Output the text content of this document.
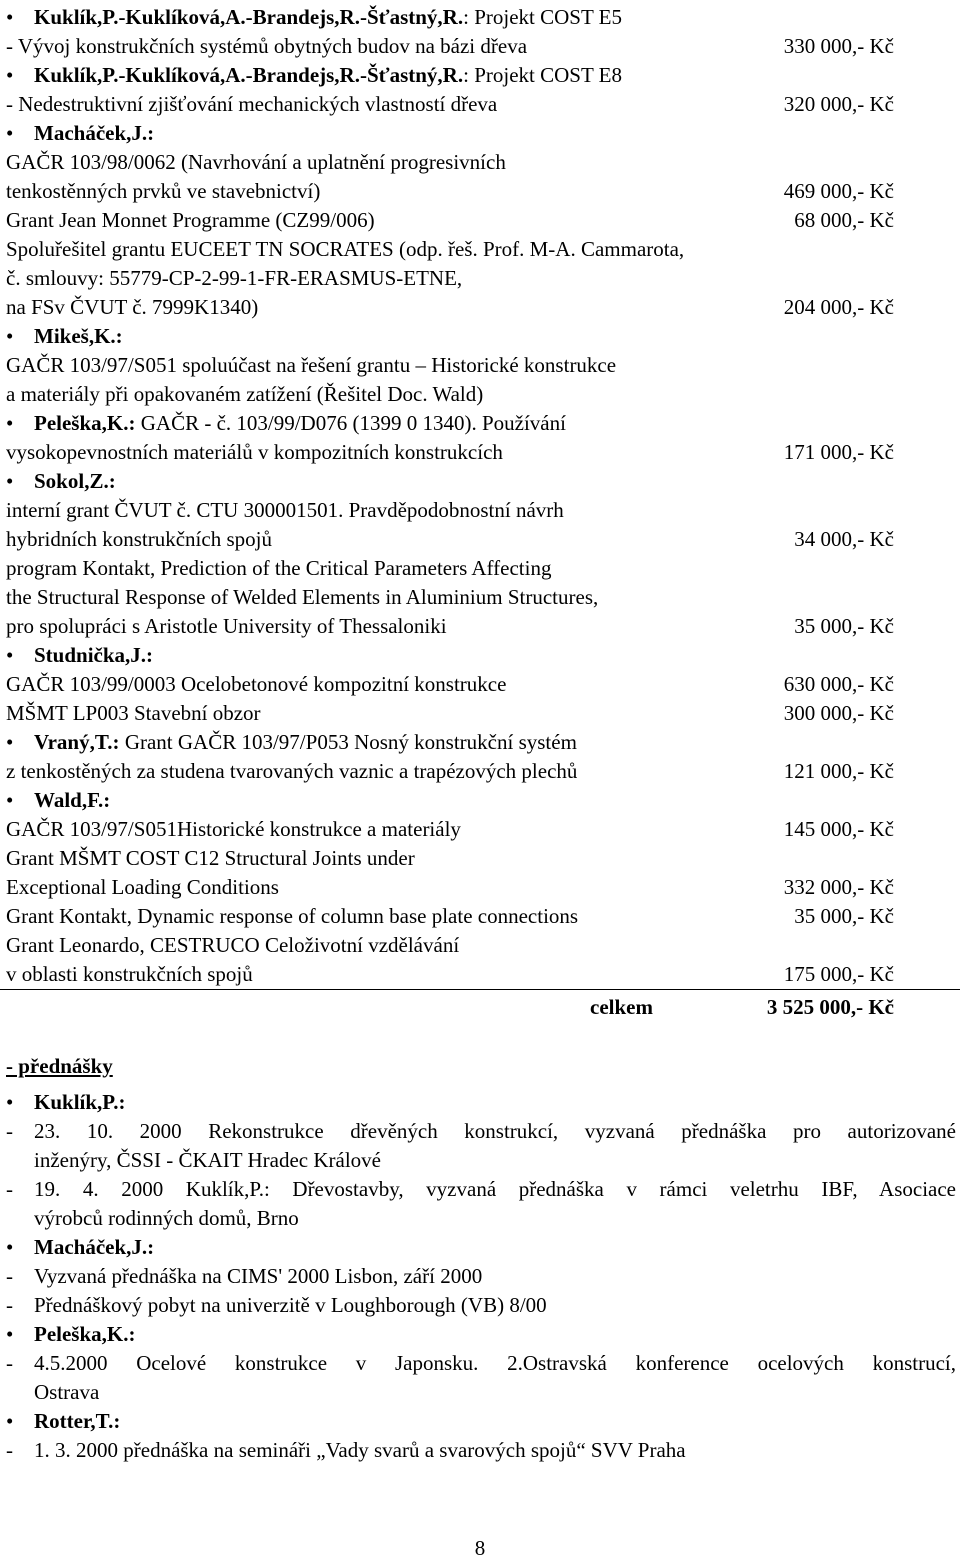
• Kuklík,P.-Kuklíková,A.-Brandejs,R.-Šťastný,R.: Projekt COST E5
- Vývoj konstrukčních systémů obytných budov na bázi dřeva	330 000,- Kč
• Kuklík,P.-Kuklíková,A.-Brandejs,R.-Šťastný,R.: Projekt COST E8
- Nedestruktivní zjišťování mechanických vlastností dřeva	320 000,- Kč
• Macháček,J.:
GAČR 103/98/0062 (Navrhování a uplatnění progresivních
tenkostěnných prvků ve stavebnictví)	469 000,- Kč
Grant Jean Monnet Programme (CZ99/006)	68 000,- Kč
Spoluřešitel grantu EUCEET TN SOCRATES (odp. řeš. Prof. M-A. Cammarota,
č. smlouvy: 55779-CP-2-99-1-FR-ERASMUS-ETNE,
na FSv ČVUT č. 7999K1340)	204 000,- Kč
• Mikeš,K.:
GAČR 103/97/S051 spoluúčast na řešení grantu – Historické konstrukce
a materiály při opakovaném zatížení (Řešitel Doc. Wald)
• Peleška,K.: GAČR - č. 103/99/D076 (1399 0 1340). Používání
vysokopevnostních materiálů v kompozitních konstrukcích	171 000,- Kč
• Sokol,Z.:
interní grant ČVUT č. CTU 300001501. Pravděpodobnostní návrh
hybridních konstrukčních spojů	34 000,- Kč
program Kontakt, Prediction of the Critical Parameters Affecting
the Structural Response of Welded Elements in Aluminium Structures,
pro spolupráci s Aristotle University of Thessaloniki	35 000,- Kč
• Studnička,J.:
GAČR 103/99/0003 Ocelobetonové kompozitní konstrukce	630 000,- Kč
MŠMT LP003 Stavební obzor	300 000,- Kč
• Vraný,T.: Grant GAČR 103/97/P053 Nosný konstrukční systém
z tenkostěných za studena tvarovaných vaznic a trapézových plechů	121 000,- Kč
• Wald,F.:
GAČR 103/97/S051Historické konstrukce a materiály	145 000,- Kč
Grant MŠMT COST C12 Structural Joints under
Exceptional Loading Conditions	332 000,- Kč
Grant Kontakt, Dynamic response of column base plate connections	35 000,- Kč
Grant Leonardo, CESTRUCO Celoživotní vzdělávání
v oblasti konstrukčních spojů	175 000,- Kč
celkem	3 525 000,- Kč
- přednášky
• Kuklík,P.:
- 23. 10. 2000 Rekonstrukce dřevěných konstrukcí, vyzvaná přednáška pro autorizované
inženýry, ČSSI - ČKAIT Hradec Králové
- 19. 4. 2000 Kuklík,P.: Dřevostavby, vyzvaná přednáška v rámci veletrhu IBF, Asociace
výrobců rodinných domů, Brno
• Macháček,J.:
- Vyzvaná přednáška na CIMS' 2000 Lisbon, září 2000
- Přednáškový pobyt na univerzitě v Loughborough (VB) 8/00
• Peleška,K.:
- 4.5.2000 Ocelové konstrukce v Japonsku. 2.Ostravská konference ocelových konstrucí,
Ostrava
• Rotter,T.:
- 1. 3. 2000 přednáška na semináři „Vady svarů a svarových spojů“ SVV Praha
8
